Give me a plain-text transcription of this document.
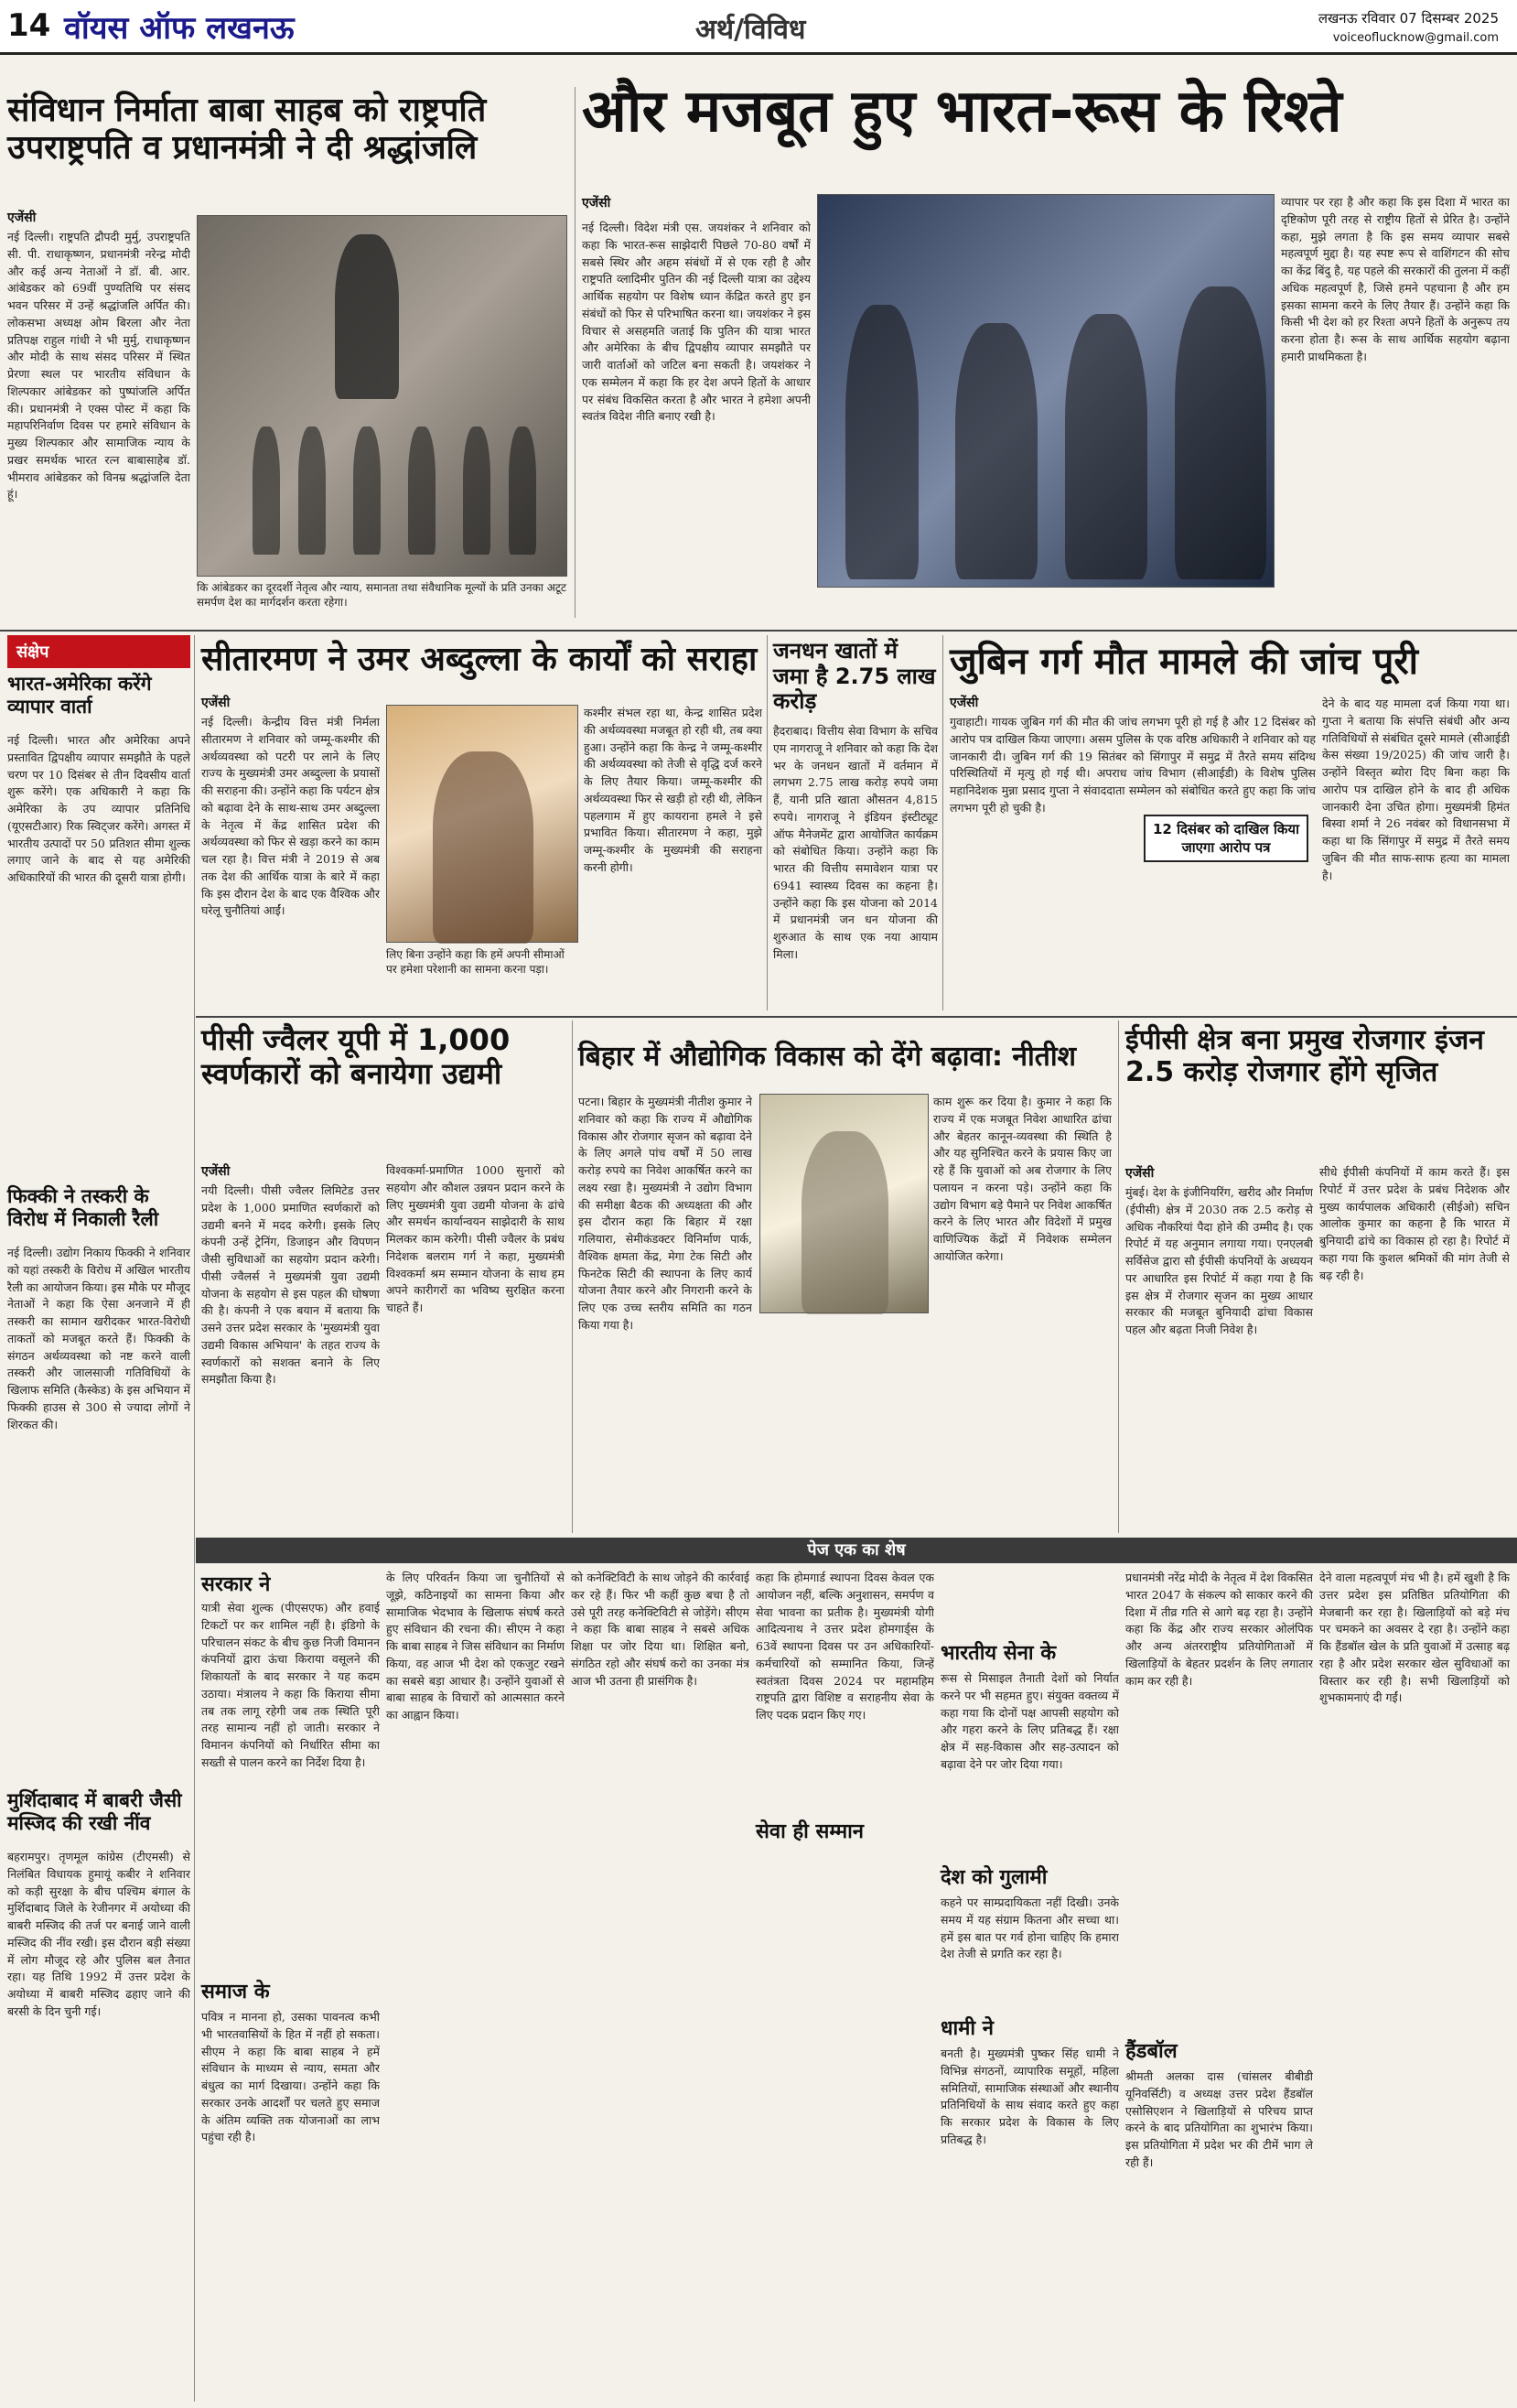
14 वॉयस ऑफ लखनऊ	अर्थ/विविध	लखनऊ रविवार 07 दिसम्बर 2025
voiceoflucknow@gmail.com
संविधान निर्माता बाबा साहब को राष्ट्रपति उपराष्ट्रपति व प्रधानमंत्री ने दी श्रद्धांजलि
एजेंसी
नई दिल्ली। राष्ट्रपति द्रौपदी मुर्मु, उपराष्ट्रपति सी. पी. राधाकृष्णन, प्रधानमंत्री नरेन्द्र मोदी और कई अन्य नेताओं ने डॉ. बी. आर. आंबेडकर को 69वीं पुण्यतिथि पर संसद भवन परिसर में उन्हें श्रद्धांजलि अर्पित की। लोकसभा अध्यक्ष ओम बिरला और नेता प्रतिपक्ष राहुल गांधी ने भी मुर्मु, राधाकृष्णन और मोदी के साथ संसद परिसर में स्थित प्रेरणा स्थल पर भारतीय संविधान के शिल्पकार आंबेडकर को पुष्पांजलि अर्पित की। प्रधानमंत्री ने एक्स पोस्ट में कहा कि महापरिनिर्वाण दिवस पर हमारे संविधान के मुख्य शिल्पकार और सामाजिक न्याय के प्रखर समर्थक भारत रत्न बाबासाहेब डॉ. भीमराव आंबेडकर को विनम्र श्रद्धांजलि देता हूं।
कि आंबेडकर का दूरदर्शी नेतृत्व और न्याय, समानता तथा संवैधानिक मूल्यों के प्रति उनका अटूट समर्पण देश का मार्गदर्शन करता रहेगा।
और मजबूत हुए भारत-रूस के रिश्ते
एजेंसी
नई दिल्ली। विदेश मंत्री एस. जयशंकर ने शनिवार को कहा कि भारत-रूस साझेदारी पिछले 70-80 वर्षों में सबसे स्थिर और अहम संबंधों में से एक रही है और राष्ट्रपति व्लादिमीर पुतिन की नई दिल्ली यात्रा का उद्देश्य आर्थिक सहयोग पर विशेष ध्यान केंद्रित करते हुए इन संबंधों को फिर से परिभाषित करना था। जयशंकर ने इस विचार से असहमति जताई कि पुतिन की यात्रा भारत और अमेरिका के बीच द्विपक्षीय व्यापार समझौते पर जारी वार्ताओं को जटिल बना सकती है। जयशंकर ने एक सम्मेलन में कहा कि हर देश अपने हितों के आधार पर संबंध विकसित करता है और भारत ने हमेशा अपनी स्वतंत्र विदेश नीति बनाए रखी है।
व्यापार पर रहा है और कहा कि इस दिशा में भारत का दृष्टिकोण पूरी तरह से राष्ट्रीय हितों से प्रेरित है। उन्होंने कहा, मुझे लगता है कि इस समय व्यापार सबसे महत्वपूर्ण मुद्दा है। यह स्पष्ट रूप से वाशिंगटन की सोच का केंद्र बिंदु है, यह पहले की सरकारों की तुलना में कहीं अधिक महत्वपूर्ण है, जिसे हमने पहचाना है और हम इसका सामना करने के लिए तैयार हैं। उन्होंने कहा कि किसी भी देश को हर रिश्ता अपने हितों के अनुरूप तय करना होता है। रूस के साथ आर्थिक सहयोग बढ़ाना हमारी प्राथमिकता है।
संक्षेप
भारत-अमेरिका करेंगे व्यापार वार्ता
नई दिल्ली। भारत और अमेरिका अपने प्रस्तावित द्विपक्षीय व्यापार समझौते के पहले चरण पर 10 दिसंबर से तीन दिवसीय वार्ता शुरू करेंगे। एक अधिकारी ने कहा कि अमेरिका के उप व्यापार प्रतिनिधि (यूएसटीआर) रिक स्विट्जर करेंगे। अगस्त में भारतीय उत्पादों पर 50 प्रतिशत सीमा शुल्क लगाए जाने के बाद से यह अमेरिकी अधिकारियों की भारत की दूसरी यात्रा होगी।
फिक्की ने तस्करी के विरोध में निकाली रैली
नई दिल्ली। उद्योग निकाय फिक्की ने शनिवार को यहां तस्करी के विरोध में अखिल भारतीय रैली का आयोजन किया। इस मौके पर मौजूद नेताओं ने कहा कि ऐसा अनजाने में ही तस्करी का सामान खरीदकर भारत-विरोधी ताकतों को मजबूत करते हैं। फिक्की के संगठन अर्थव्यवस्था को नष्ट करने वाली तस्करी और जालसाजी गतिविधियों के खिलाफ समिति (कैस्केड) के इस अभियान में फिक्की हाउस से 300 से ज्यादा लोगों ने शिरकत की।
मुर्शिदाबाद में बाबरी जैसी मस्जिद की रखी नींव
बहरामपुर। तृणमूल कांग्रेस (टीएमसी) से निलंबित विधायक हुमायूं कबीर ने शनिवार को कड़ी सुरक्षा के बीच पश्चिम बंगाल के मुर्शिदाबाद जिले के रेजीनगर में अयोध्या की बाबरी मस्जिद की तर्ज पर बनाई जाने वाली मस्जिद की नींव रखी। इस दौरान बड़ी संख्या में लोग मौजूद रहे और पुलिस बल तैनात रहा। यह तिथि 1992 में उत्तर प्रदेश के अयोध्या में बाबरी मस्जिद ढहाए जाने की बरसी के दिन चुनी गई।
सीतारमण ने उमर अब्दुल्ला के कार्यों को सराहा
एजेंसी
नई दिल्ली। केन्द्रीय वित्त मंत्री निर्मला सीतारमण ने शनिवार को जम्मू-कश्मीर की अर्थव्यवस्था को पटरी पर लाने के लिए राज्य के मुख्यमंत्री उमर अब्दुल्ला के प्रयासों की सराहना की। उन्होंने कहा कि पर्यटन क्षेत्र को बढ़ावा देने के साथ-साथ उमर अब्दुल्ला के नेतृत्व में केंद्र शासित प्रदेश की अर्थव्यवस्था को फिर से खड़ा करने का काम चल रहा है। वित्त मंत्री ने 2019 से अब तक देश की आर्थिक यात्रा के बारे में कहा कि इस दौरान देश के बाद एक वैश्विक और घरेलू चुनौतियां आईं।
लिए बिना उन्होंने कहा कि हमें अपनी सीमाओं पर हमेशा परेशानी का सामना करना पड़ा।
कश्मीर संभल रहा था, केन्द्र शासित प्रदेश की अर्थव्यवस्था मजबूत हो रही थी, तब क्या हुआ। उन्होंने कहा कि केन्द्र ने जम्मू-कश्मीर की अर्थव्यवस्था को तेजी से वृद्धि दर्ज करने के लिए तैयार किया। जम्मू-कश्मीर की अर्थव्यवस्था फिर से खड़ी हो रही थी, लेकिन पहलगाम में हुए कायराना हमले ने इसे प्रभावित किया। सीतारमण ने कहा, मुझे जम्मू-कश्मीर के मुख्यमंत्री की सराहना करनी होगी।
जनधन खातों में जमा है 2.75 लाख करोड़
हैदराबाद। वित्तीय सेवा विभाग के सचिव एम नागराजू ने शनिवार को कहा कि देश भर के जनधन खातों में वर्तमान में लगभग 2.75 लाख करोड़ रुपये जमा हैं, यानी प्रति खाता औसतन 4,815 रुपये। नागराजू ने इंडियन इंस्टीट्यूट ऑफ मैनेजमेंट द्वारा आयोजित कार्यक्रम को संबोधित किया। उन्होंने कहा कि भारत की वित्तीय समावेशन यात्रा पर 6941 स्वास्थ्य दिवस का कहना है। उन्होंने कहा कि इस योजना को 2014 में प्रधानमंत्री जन धन योजना की शुरुआत के साथ एक नया आयाम मिला।
जुबिन गर्ग मौत मामले की जांच पूरी
एजेंसी
गुवाहाटी। गायक जुबिन गर्ग की मौत की जांच लगभग पूरी हो गई है और 12 दिसंबर को आरोप पत्र दाखिल किया जाएगा। असम पुलिस के एक वरिष्ठ अधिकारी ने शनिवार को यह जानकारी दी। जुबिन गर्ग की 19 सितंबर को सिंगापुर में समुद्र में तैरते समय संदिग्ध परिस्थितियों में मृत्यु हो गई थी। अपराध जांच विभाग (सीआईडी) के विशेष पुलिस महानिदेशक मुन्ना प्रसाद गुप्ता ने संवाददाता सम्मेलन को संबोधित करते हुए कहा कि जांच लगभग पूरी हो चुकी है।
12 दिसंबर को दाखिल किया जाएगा आरोप पत्र
देने के बाद यह मामला दर्ज किया गया था। गुप्ता ने बताया कि संपत्ति संबंधी और अन्य गतिविधियों से संबंधित दूसरे मामले (सीआईडी केस संख्या 19/2025) की जांच जारी है। उन्होंने विस्तृत ब्योरा दिए बिना कहा कि आरोप पत्र दाखिल होने के बाद ही अधिक जानकारी देना उचित होगा। मुख्यमंत्री हिमंत बिस्वा शर्मा ने 26 नवंबर को विधानसभा में कहा था कि सिंगापुर में समुद्र में तैरते समय जुबिन की मौत साफ-साफ हत्या का मामला है।
पीसी ज्वैलर यूपी में 1,000 स्वर्णकारों को बनायेगा उद्यमी
एजेंसी
नयी दिल्ली। पीसी ज्वैलर लिमिटेड उत्तर प्रदेश के 1,000 प्रमाणित स्वर्णकारों को उद्यमी बनने में मदद करेगी। इसके लिए कंपनी उन्हें ट्रेनिंग, डिजाइन और विपणन जैसी सुविधाओं का सहयोग प्रदान करेगी। पीसी ज्वैलर्स ने मुख्यमंत्री युवा उद्यमी योजना के सहयोग से इस पहल की घोषणा की है। कंपनी ने एक बयान में बताया कि उसने उत्तर प्रदेश सरकार के 'मुख्यमंत्री युवा उद्यमी विकास अभियान' के तहत राज्य के स्वर्णकारों को सशक्त बनाने के लिए समझौता किया है।
विश्वकर्मा-प्रमाणित 1000 सुनारों को सहयोग और कौशल उन्नयन प्रदान करने के लिए मुख्यमंत्री युवा उद्यमी योजना के ढांचे और समर्थन कार्यान्वयन साझेदारी के साथ मिलकर काम करेगी। पीसी ज्वैलर के प्रबंध निदेशक बलराम गर्ग ने कहा, मुख्यमंत्री विश्वकर्मा श्रम सम्मान योजना के साथ हम अपने कारीगरों का भविष्य सुरक्षित करना चाहते हैं।
बिहार में औद्योगिक विकास को देंगे बढ़ावा: नीतीश
पटना। बिहार के मुख्यमंत्री नीतीश कुमार ने शनिवार को कहा कि राज्य में औद्योगिक विकास और रोजगार सृजन को बढ़ावा देने के लिए अगले पांच वर्षों में 50 लाख करोड़ रुपये का निवेश आकर्षित करने का लक्ष्य रखा है। मुख्यमंत्री ने उद्योग विभाग की समीक्षा बैठक की अध्यक्षता की और इस दौरान कहा कि बिहार में रक्षा गलियारा, सेमीकंडक्टर विनिर्माण पार्क, वैश्विक क्षमता केंद्र, मेगा टेक सिटी और फिनटेक सिटी की स्थापना के लिए कार्य योजना तैयार करने और निगरानी करने के लिए एक उच्च स्तरीय समिति का गठन किया गया है।
काम शुरू कर दिया है। कुमार ने कहा कि राज्य में एक मजबूत निवेश आधारित ढांचा और बेहतर कानून-व्यवस्था की स्थिति है और यह सुनिश्चित करने के प्रयास किए जा रहे हैं कि युवाओं को अब रोजगार के लिए पलायन न करना पड़े। उन्होंने कहा कि उद्योग विभाग बड़े पैमाने पर निवेश आकर्षित करने के लिए भारत और विदेशों में प्रमुख वाणिज्यिक केंद्रों में निवेशक सम्मेलन आयोजित करेगा।
ईपीसी क्षेत्र बना प्रमुख रोजगार इंजन 2.5 करोड़ रोजगार होंगे सृजित
एजेंसी
मुंबई। देश के इंजीनियरिंग, खरीद और निर्माण (ईपीसी) क्षेत्र में 2030 तक 2.5 करोड़ से अधिक नौकरियां पैदा होने की उम्मीद है। एक रिपोर्ट में यह अनुमान लगाया गया। एनएलबी सर्विसेज द्वारा सौ ईपीसी कंपनियों के अध्ययन पर आधारित इस रिपोर्ट में कहा गया है कि इस क्षेत्र में रोजगार सृजन का मुख्य आधार सरकार की मजबूत बुनियादी ढांचा विकास पहल और बढ़ता निजी निवेश है।
सीधे ईपीसी कंपनियों में काम करते हैं। इस रिपोर्ट में उत्तर प्रदेश के प्रबंध निदेशक और मुख्य कार्यपालक अधिकारी (सीईओ) सचिन आलोक कुमार का कहना है कि भारत में बुनियादी ढांचे का विकास हो रहा है। रिपोर्ट में कहा गया कि कुशल श्रमिकों की मांग तेजी से बढ़ रही है।
पेज एक का शेष
सरकार ने
यात्री सेवा शुल्क (पीएसएफ) और हवाई टिकटों पर कर शामिल नहीं है। इंडिगो के परिचालन संकट के बीच कुछ निजी विमानन कंपनियों द्वारा ऊंचा किराया वसूलने की शिकायतों के बाद सरकार ने यह कदम उठाया। मंत्रालय ने कहा कि किराया सीमा तब तक लागू रहेगी जब तक स्थिति पूरी तरह सामान्य नहीं हो जाती। सरकार ने विमानन कंपनियों को निर्धारित सीमा का सख्ती से पालन करने का निर्देश दिया है।
समाज के
पवित्र न मानना हो, उसका पावनत्व कभी भी भारतवासियों के हित में नहीं हो सकता। सीएम ने कहा कि बाबा साहब ने हमें संविधान के माध्यम से न्याय, समता और बंधुत्व का मार्ग दिखाया। उन्होंने कहा कि सरकार उनके आदर्शों पर चलते हुए समाज के अंतिम व्यक्ति तक योजनाओं का लाभ पहुंचा रही है।
के लिए परिवर्तन किया जा चुनौतियों से जूझे, कठिनाइयों का सामना किया और सामाजिक भेदभाव के खिलाफ संघर्ष करते हुए संविधान की रचना की। सीएम ने कहा कि बाबा साहब ने जिस संविधान का निर्माण किया, वह आज भी देश को एकजुट रखने का सबसे बड़ा आधार है। उन्होंने युवाओं से बाबा साहब के विचारों को आत्मसात करने का आह्वान किया।
को कनेक्टिविटी के साथ जोड़ने की कार्रवाई कर रहे हैं। फिर भी कहीं कुछ बचा है तो उसे पूरी तरह कनेक्टिविटी से जोड़ेंगे। सीएम ने कहा कि बाबा साहब ने सबसे अधिक शिक्षा पर जोर दिया था। शिक्षित बनो, संगठित रहो और संघर्ष करो का उनका मंत्र आज भी उतना ही प्रासंगिक है।
कहा कि होमगार्ड स्थापना दिवस केवल एक आयोजन नहीं, बल्कि अनुशासन, समर्पण व सेवा भावना का प्रतीक है। मुख्यमंत्री योगी आदित्यनाथ ने उत्तर प्रदेश होमगार्ड्स के 63वें स्थापना दिवस पर उन अधिकारियों-कर्मचारियों को सम्मानित किया, जिन्हें स्वतंत्रता दिवस 2024 पर महामहिम राष्ट्रपति द्वारा विशिष्ट व सराहनीय सेवा के लिए पदक प्रदान किए गए।
सेवा ही सम्मान
भारतीय सेना के
रूस से मिसाइल तैनाती देशों को निर्यात करने पर भी सहमत हुए। संयुक्त वक्तव्य में कहा गया कि दोनों पक्ष आपसी सहयोग को और गहरा करने के लिए प्रतिबद्ध हैं। रक्षा क्षेत्र में सह-विकास और सह-उत्पादन को बढ़ावा देने पर जोर दिया गया।
देश को गुलामी
कहने पर साम्प्रदायिकता नहीं दिखी। उनके समय में यह संग्राम कितना और सच्चा था। हमें इस बात पर गर्व होना चाहिए कि हमारा देश तेजी से प्रगति कर रहा है।
धामी ने
बनती है। मुख्यमंत्री पुष्कर सिंह धामी ने विभिन्न संगठनों, व्यापारिक समूहों, महिला समितियों, सामाजिक संस्थाओं और स्थानीय प्रतिनिधियों के साथ संवाद करते हुए कहा कि सरकार प्रदेश के विकास के लिए प्रतिबद्ध है।
प्रधानमंत्री नरेंद्र मोदी के नेतृत्व में देश विकसित भारत 2047 के संकल्प को साकार करने की दिशा में तीव्र गति से आगे बढ़ रहा है। उन्होंने कहा कि केंद्र और राज्य सरकार ओलंपिक और अन्य अंतरराष्ट्रीय प्रतियोगिताओं में खिलाड़ियों के बेहतर प्रदर्शन के लिए लगातार काम कर रही है।
हैंडबॉल
श्रीमती अलका दास (चांसलर बीबीडी यूनिवर्सिटी) व अध्यक्ष उत्तर प्रदेश हैंडबॉल एसोसिएशन ने खिलाड़ियों से परिचय प्राप्त करने के बाद प्रतियोगिता का शुभारंभ किया। इस प्रतियोगिता में प्रदेश भर की टीमें भाग ले रही हैं।
देने वाला महत्वपूर्ण मंच भी है। हमें खुशी है कि उत्तर प्रदेश इस प्रतिष्ठित प्रतियोगिता की मेजबानी कर रहा है। खिलाड़ियों को बड़े मंच पर चमकने का अवसर दे रहा है। उन्होंने कहा कि हैंडबॉल खेल के प्रति युवाओं में उत्साह बढ़ रहा है और प्रदेश सरकार खेल सुविधाओं का विस्तार कर रही है। सभी खिलाड़ियों को शुभकामनाएं दी गईं।
